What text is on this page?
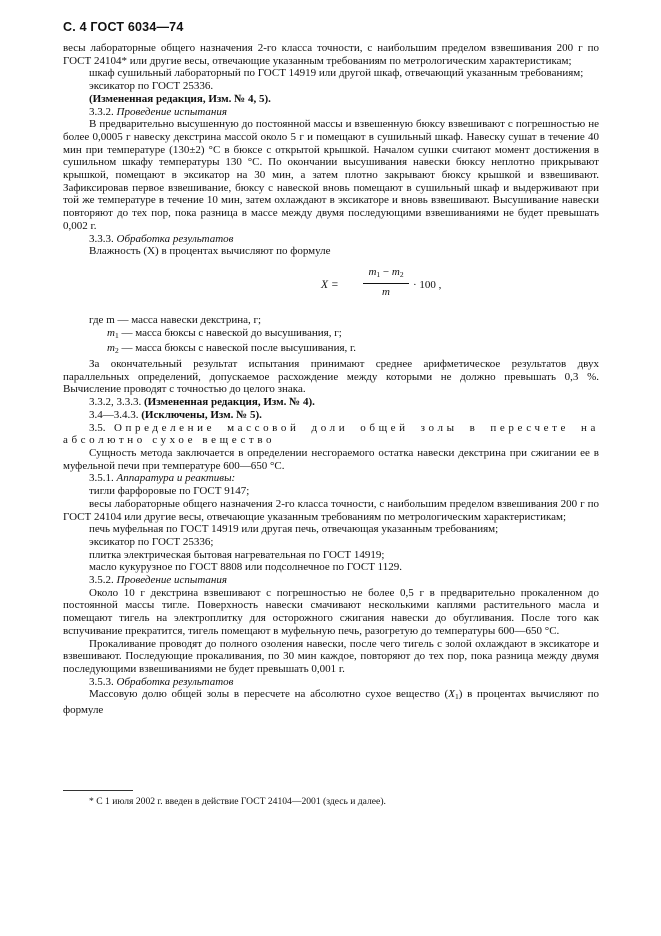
С. 4 ГОСТ 6034—74

весы лабораторные общего назначения 2-го класса точности, с наибольшим пределом взвешивания 200 г по ГОСТ 24104* или другие весы, отвечающие указанным требованиям по метрологическим характеристикам;

шкаф сушильный лабораторный по ГОСТ 14919 или другой шкаф, отвечающий указанным требованиям;

эксикатор по ГОСТ 25336.

(Измененная редакция, Изм. № 4, 5).

3.3.2. Проведение испытания

В предварительно высушенную до постоянной массы и взвешенную бюксу взвешивают с погрешностью не более 0,0005 г навеску декстрина массой около 5 г и помещают в сушильный шкаф. Навеску сушат в течение 40 мин при температуре (130±2) °С в бюксе с открытой крышкой. Началом сушки считают момент достижения в сушильном шкафу температуры 130 °С. По окончании высушивания навески бюксу неплотно прикрывают крышкой, помещают в эксикатор на 30 мин, а затем плотно закрывают бюксу крышкой и взвешивают. Зафиксировав первое взвешивание, бюксу с навеской вновь помещают в сушильный шкаф и выдерживают при той же температуре в течение 10 мин, затем охлаждают в эксикаторе и вновь взвешивают. Высушивание навески повторяют до тех пор, пока разница в массе между двумя последующими взвешиваниями не будет превышать 0,002 г.

3.3.3. Обработка результатов

Влажность (X) в процентах вычисляют по формуле

X =
$m_1 - m_2$
m
· 100 ,

где m — масса навески декстрина, г;

$m_1$ — масса бюксы с навеской до высушивания, г;

$m_2$ — масса бюксы с навеской после высушивания, г.

За окончательный результат испытания принимают среднее арифметическое результатов двух параллельных определений, допускаемое расхождение между которыми не должно превышать 0,3 %. Вычисление проводят с точностью до целого знака.

3.3.2, 3.3.3. (Измененная редакция, Изм. № 4).

3.4—3.4.3. (Исключены, Изм. № 5).

3.5. Определение массовой доли общей золы в пересчете на абсолютно сухое вещество

Сущность метода заключается в определении несгораемого остатка навески декстрина при сжигании ее в муфельной печи при температуре 600—650 °С.

3.5.1. Аппаратура и реактивы:

тигли фарфоровые по ГОСТ 9147;

весы лабораторные общего назначения 2-го класса точности, с наибольшим пределом взвешивания 200 г по ГОСТ 24104 или другие весы, отвечающие указанным требованиям по метрологическим характеристикам;

печь муфельная по ГОСТ 14919 или другая печь, отвечающая указанным требованиям;

эксикатор по ГОСТ 25336;

плитка электрическая бытовая нагревательная по ГОСТ 14919;

масло кукурузное по ГОСТ 8808 или подсолнечное по ГОСТ 1129.

3.5.2. Проведение испытания

Около 10 г декстрина взвешивают с погрешностью не более 0,5 г в предварительно прокаленном до постоянной массы тигле. Поверхность навески смачивают несколькими каплями растительного масла и помещают тигель на электроплитку для осторожного сжигания навески до обугливания. После того как вспучивание прекратится, тигель помещают в муфельную печь, разогретую до температуры 600—650 °С.

Прокаливание проводят до полного озоления навески, после чего тигель с золой охлаждают в эксикаторе и взвешивают. Последующие прокаливания, по 30 мин каждое, повторяют до тех пор, пока разница между двумя последующими взвешиваниями не будет превышать 0,001 г.

3.5.3. Обработка результатов

Массовую долю общей золы в пересчете на абсолютно сухое вещество $(X_1)$ в процентах вычисляют по формуле

* С 1 июля 2002 г. введен в действие ГОСТ 24104—2001 (здесь и далее).
